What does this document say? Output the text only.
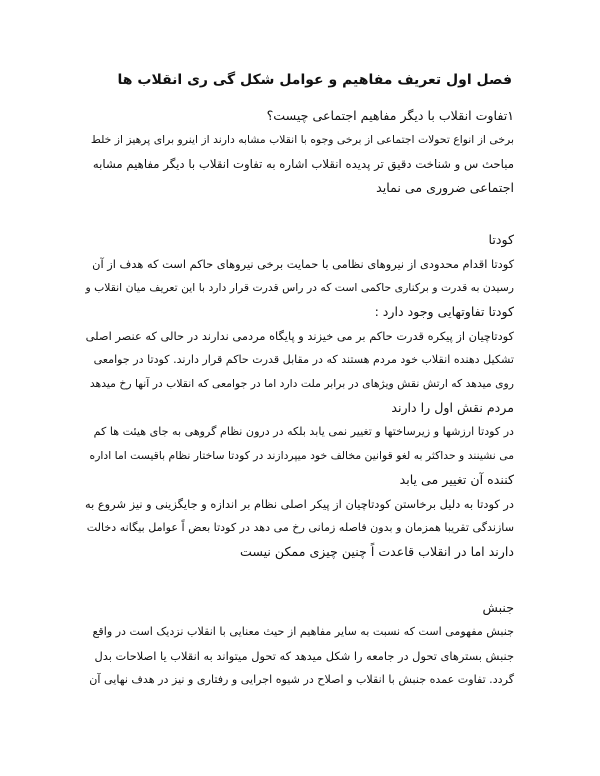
فصل اول تعریف مفاهیم و عوامل شکل گی ری انقلاب ها
۱تفاوت انقلاب با دیگر مفاهیم اجتماعی چیست؟
برخی از انواع تحولات اجتماعی از برخی وجوه با انقلاب مشابه دارند از اینرو برای پرهیز از خلط
مباحث س و شناخت دقیق تر پدیده انقلاب اشاره به تفاوت انقلاب با دیگر مفاهیم مشابه
اجتماعی ضروری می نماید
کودتا
کودتا اقدام محدودی از نیروهای نظامی با حمایت برخی نیروهای حاکم است که هدف از آن
رسیدن به قدرت و برکناری حاکمی است که در راس قدرت قرار دارد با این تعریف میان انقلاب و
کودتا تفاوتهایی وجود دارد :
کودتاچیان از پیکره قدرت حاکم بر می خیزند و پایگاه مردمی ندارند در حالی که عنصر اصلی
تشکیل دهنده انقلاب خود مردم هستند که در مقابل قدرت حاکم قرار دارند. کودتا در جوامعی
روی میدهد که ارتش نقش ویژهای در برابر ملت دارد اما در جوامعی که انقلاب در آنها رخ میدهد
مردم نقش اول را دارند
در کودتا ارزشها و زیرساختها و تغییر نمی یابد بلکه در درون نظام گروهی به جای هیئت ها کم
می نشینند و حداکثر به لغو قوانین مخالف خود میپردازند در کودتا ساختار نظام باقیست اما اداره
کننده آن تغییر می یابد
در کودتا به دلیل برخاستن کودتاچیان از پیکر اصلی نظام بر اندازه و جایگزینی و نیز شروع به
سازندگی تقریبا همزمان و بدون فاصله زمانی رخ می دهد در کودتا بعض اً عوامل بیگانه دخالت
دارند اما در انقلاب قاعدت اً چنین چیزی ممکن نیست
جنبش
جنبش مفهومی است که نسبت به سایر مفاهیم از حیث معنایی با انقلاب نزدیک است در واقع
جنبش بسترهای تحول در جامعه را شکل میدهد که تحول میتواند به انقلاب یا اصلاحات بدل
گردد. تفاوت عمده جنبش با انقلاب و اصلاح در شیوه اجرایی و رفتاری و نیز در هدف نهایی آن
